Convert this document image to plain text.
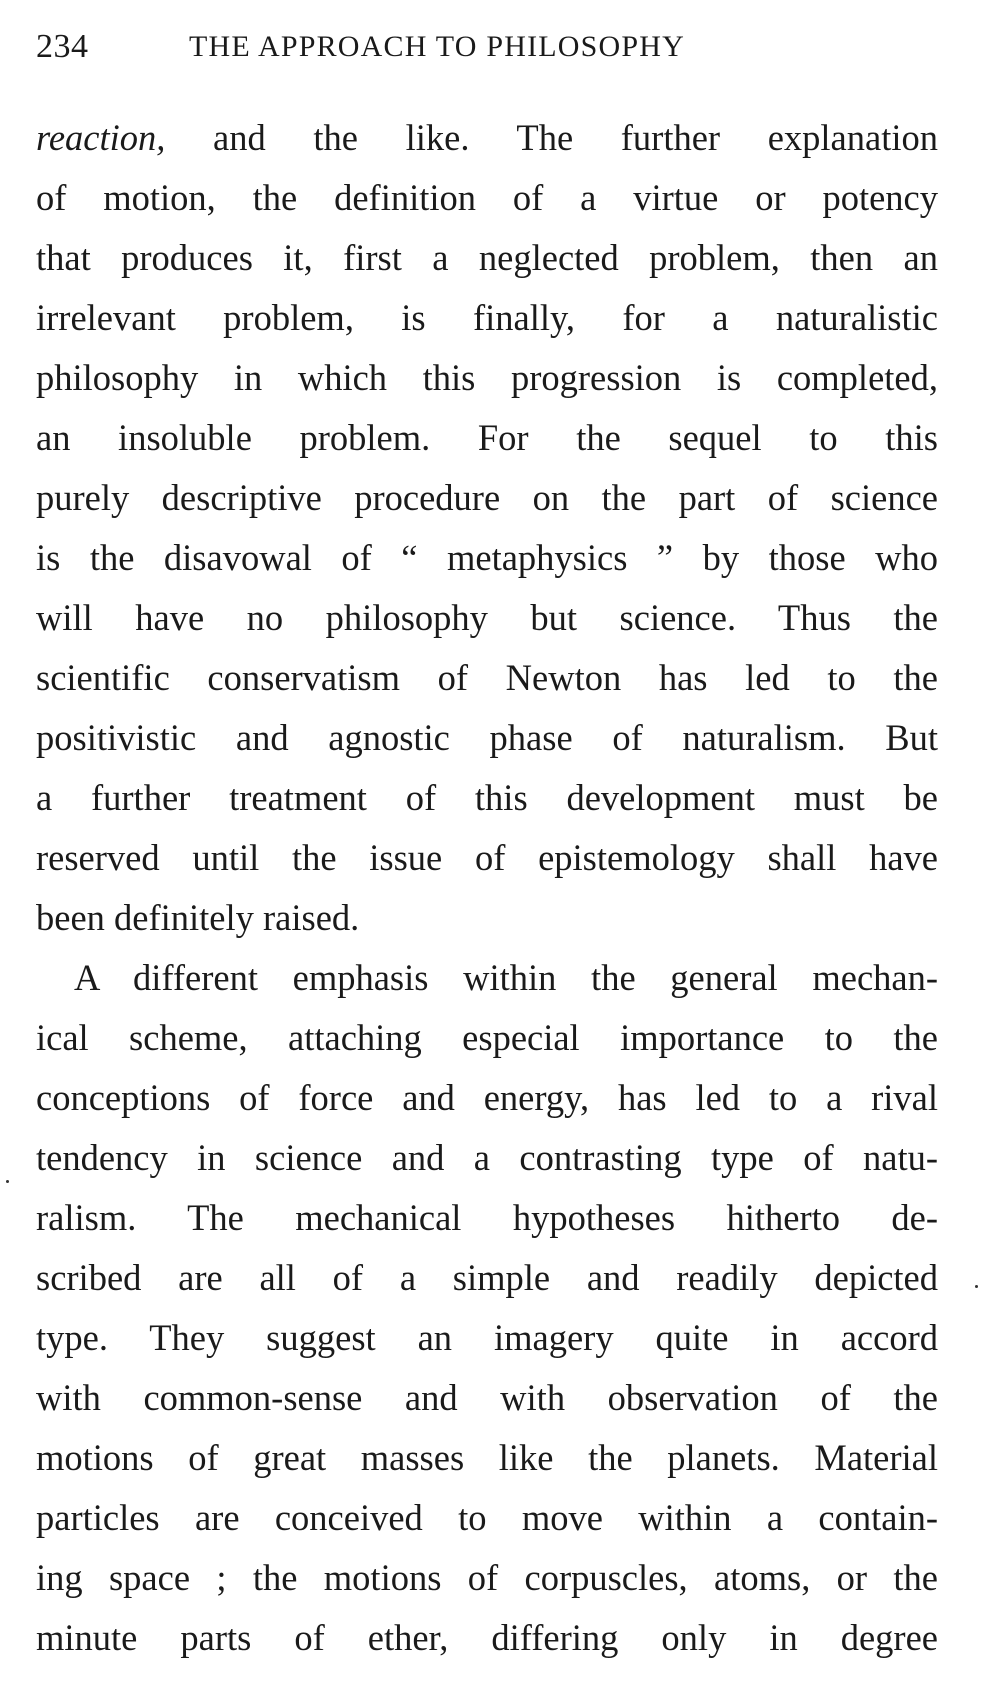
234	THE APPROACH TO PHILOSOPHY
reaction, and the like. The further explanation
of motion, the definition of a virtue or potency
that produces it, first a neglected problem, then an
irrelevant problem, is finally, for a naturalistic
philosophy in which this progression is completed,
an insoluble problem. For the sequel to this
purely descriptive procedure on the part of science
is the disavowal of “ metaphysics ” by those who
will have no philosophy but science. Thus the
scientific conservatism of Newton has led to the
positivistic and agnostic phase of naturalism. But
a further treatment of this development must be
reserved until the issue of epistemology shall have
been definitely raised.
A different emphasis within the general mechan-
ical scheme, attaching especial importance to the
conceptions of force and energy, has led to a rival
tendency in science and a contrasting type of natu-
ralism. The mechanical hypotheses hitherto de-
scribed are all of a simple and readily depicted
type. They suggest an imagery quite in accord
with common-sense and with observation of the
motions of great masses like the planets. Material
particles are conceived to move within a contain-
ing space ; the motions of corpuscles, atoms, or the
minute parts of ether, differing only in degree
